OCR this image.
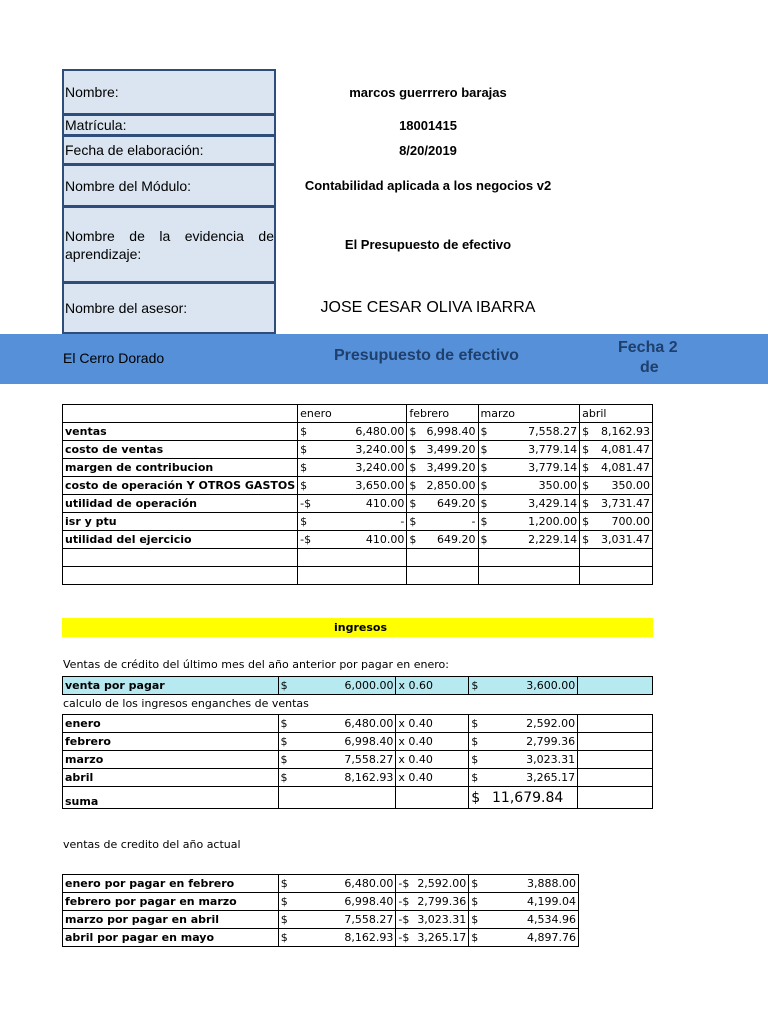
Nombre:	marcos guerrrero barajas
Matrícula:	18001415
Fecha de elaboración:	8/20/2019
Nombre del Módulo:	Contabilidad aplicada a los negocios v2
Nombre de la evidencia de aprendizaje:
El Presupuesto de efectivo
Nombre del asesor:	JOSE CESAR OLIVA IBARRA
El Cerro Dorado	Presupuesto de efectivo	Fecha 2
de
	enero	febrero	marzo	abril
ventas	$ 6,480.00	$ 6,998.40	$ 7,558.27	$ 8,162.93

costo de ventas	$ 3,240.00	$ 3,499.20	$ 3,779.14	$ 4,081.47

margen de contribucion	$ 3,240.00	$ 3,499.20	$ 3,779.14	$ 4,081.47

costo de operación Y OTROS GASTOS	$ 3,650.00	$ 2,850.00	$ 350.00	$ 350.00

utilidad de operación	-$ 410.00	$ 649.20	$ 3,429.14	$ 3,731.47

isr y ptu	$ -	$ -	$ 1,200.00	$ 700.00

utilidad del ejercicio	-$ 410.00	$ 649.20	$ 2,229.14	$ 3,031.47

ingresos
Ventas de crédito del último mes del año anterior por pagar en enero:
venta por pagar	$	6,000.00	x 0.60	$	3,600.00

calculo de los ingresos enganches de ventas
enero	$ 6,480.00	x 0.40	$ 2,592.00	

febrero	$ 6,998.40	x 0.40	$ 2,799.36	

marzo	$ 7,558.27	x 0.40	$ 3,023.31	

abril	$ 8,162.93	x 0.40	$ 3,265.17	

suma			$ 11,679.84	

ventas de credito del año actual
enero por pagar en febrero	$ 6,480.00	-$ 2,592.00	$ 3,888.00

febrero por pagar en marzo	$ 6,998.40	-$ 2,799.36	$ 4,199.04

marzo por pagar en abril	$ 7,558.27	-$ 3,023.31	$ 4,534.96

abril por pagar en mayo	$ 8,162.93	-$ 3,265.17	$ 4,897.76
